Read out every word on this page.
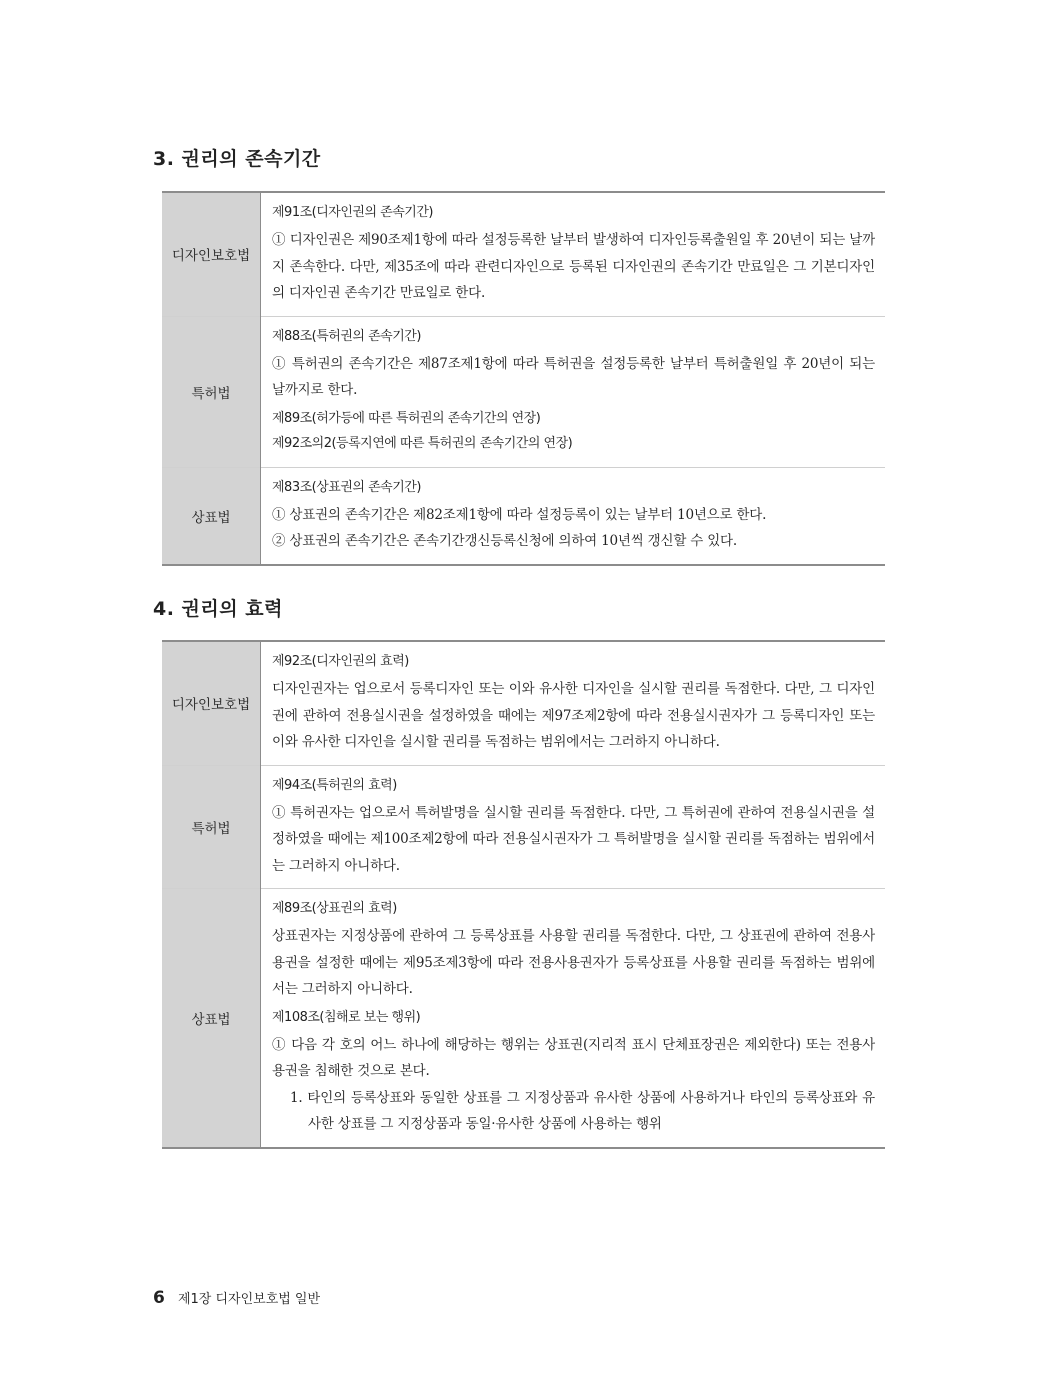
3. 권리의 존속기간
디자인보호법	제91조(디자인권의 존속기간)

① 디자인권은 제90조제1항에 따라 설정등록한 날부터 발생하여 디자인등록출원일 후 20년이 되는 날까지 존속한다. 다만, 제35조에 따라 관련디자인으로 등록된 디자인권의 존속기간 만료일은 그 기본디자인의 디자인권 존속기간 만료일로 한다.

특허법	제88조(특허권의 존속기간)

① 특허권의 존속기간은 제87조제1항에 따라 특허권을 설정등록한 날부터 특허출원일 후 20년이 되는 날까지로 한다.

제89조(허가등에 따른 특허권의 존속기간의 연장)

제92조의2(등록지연에 따른 특허권의 존속기간의 연장)

상표법	제83조(상표권의 존속기간)

① 상표권의 존속기간은 제82조제1항에 따라 설정등록이 있는 날부터 10년으로 한다.

② 상표권의 존속기간은 존속기간갱신등록신청에 의하여 10년씩 갱신할 수 있다.

4. 권리의 효력
디자인보호법	제92조(디자인권의 효력)

디자인권자는 업으로서 등록디자인 또는 이와 유사한 디자인을 실시할 권리를 독점한다. 다만, 그 디자인권에 관하여 전용실시권을 설정하였을 때에는 제97조제2항에 따라 전용실시권자가 그 등록디자인 또는 이와 유사한 디자인을 실시할 권리를 독점하는 범위에서는 그러하지 아니하다.

특허법	제94조(특허권의 효력)

① 특허권자는 업으로서 특허발명을 실시할 권리를 독점한다. 다만, 그 특허권에 관하여 전용실시권을 설정하였을 때에는 제100조제2항에 따라 전용실시권자가 그 특허발명을 실시할 권리를 독점하는 범위에서는 그러하지 아니하다.

상표법	제89조(상표권의 효력)

상표권자는 지정상품에 관하여 그 등록상표를 사용할 권리를 독점한다. 다만, 그 상표권에 관하여 전용사용권을 설정한 때에는 제95조제3항에 따라 전용사용권자가 등록상표를 사용할 권리를 독점하는 범위에서는 그러하지 아니하다.

제108조(침해로 보는 행위)

① 다음 각 호의 어느 하나에 해당하는 행위는 상표권(지리적 표시 단체표장권은 제외한다) 또는 전용사용권을 침해한 것으로 본다.

1. 타인의 등록상표와 동일한 상표를 그 지정상품과 유사한 상품에 사용하거나 타인의 등록상표와 유사한 상표를 그 지정상품과 동일·유사한 상품에 사용하는 행위

6 제1장 디자인보호법 일반
